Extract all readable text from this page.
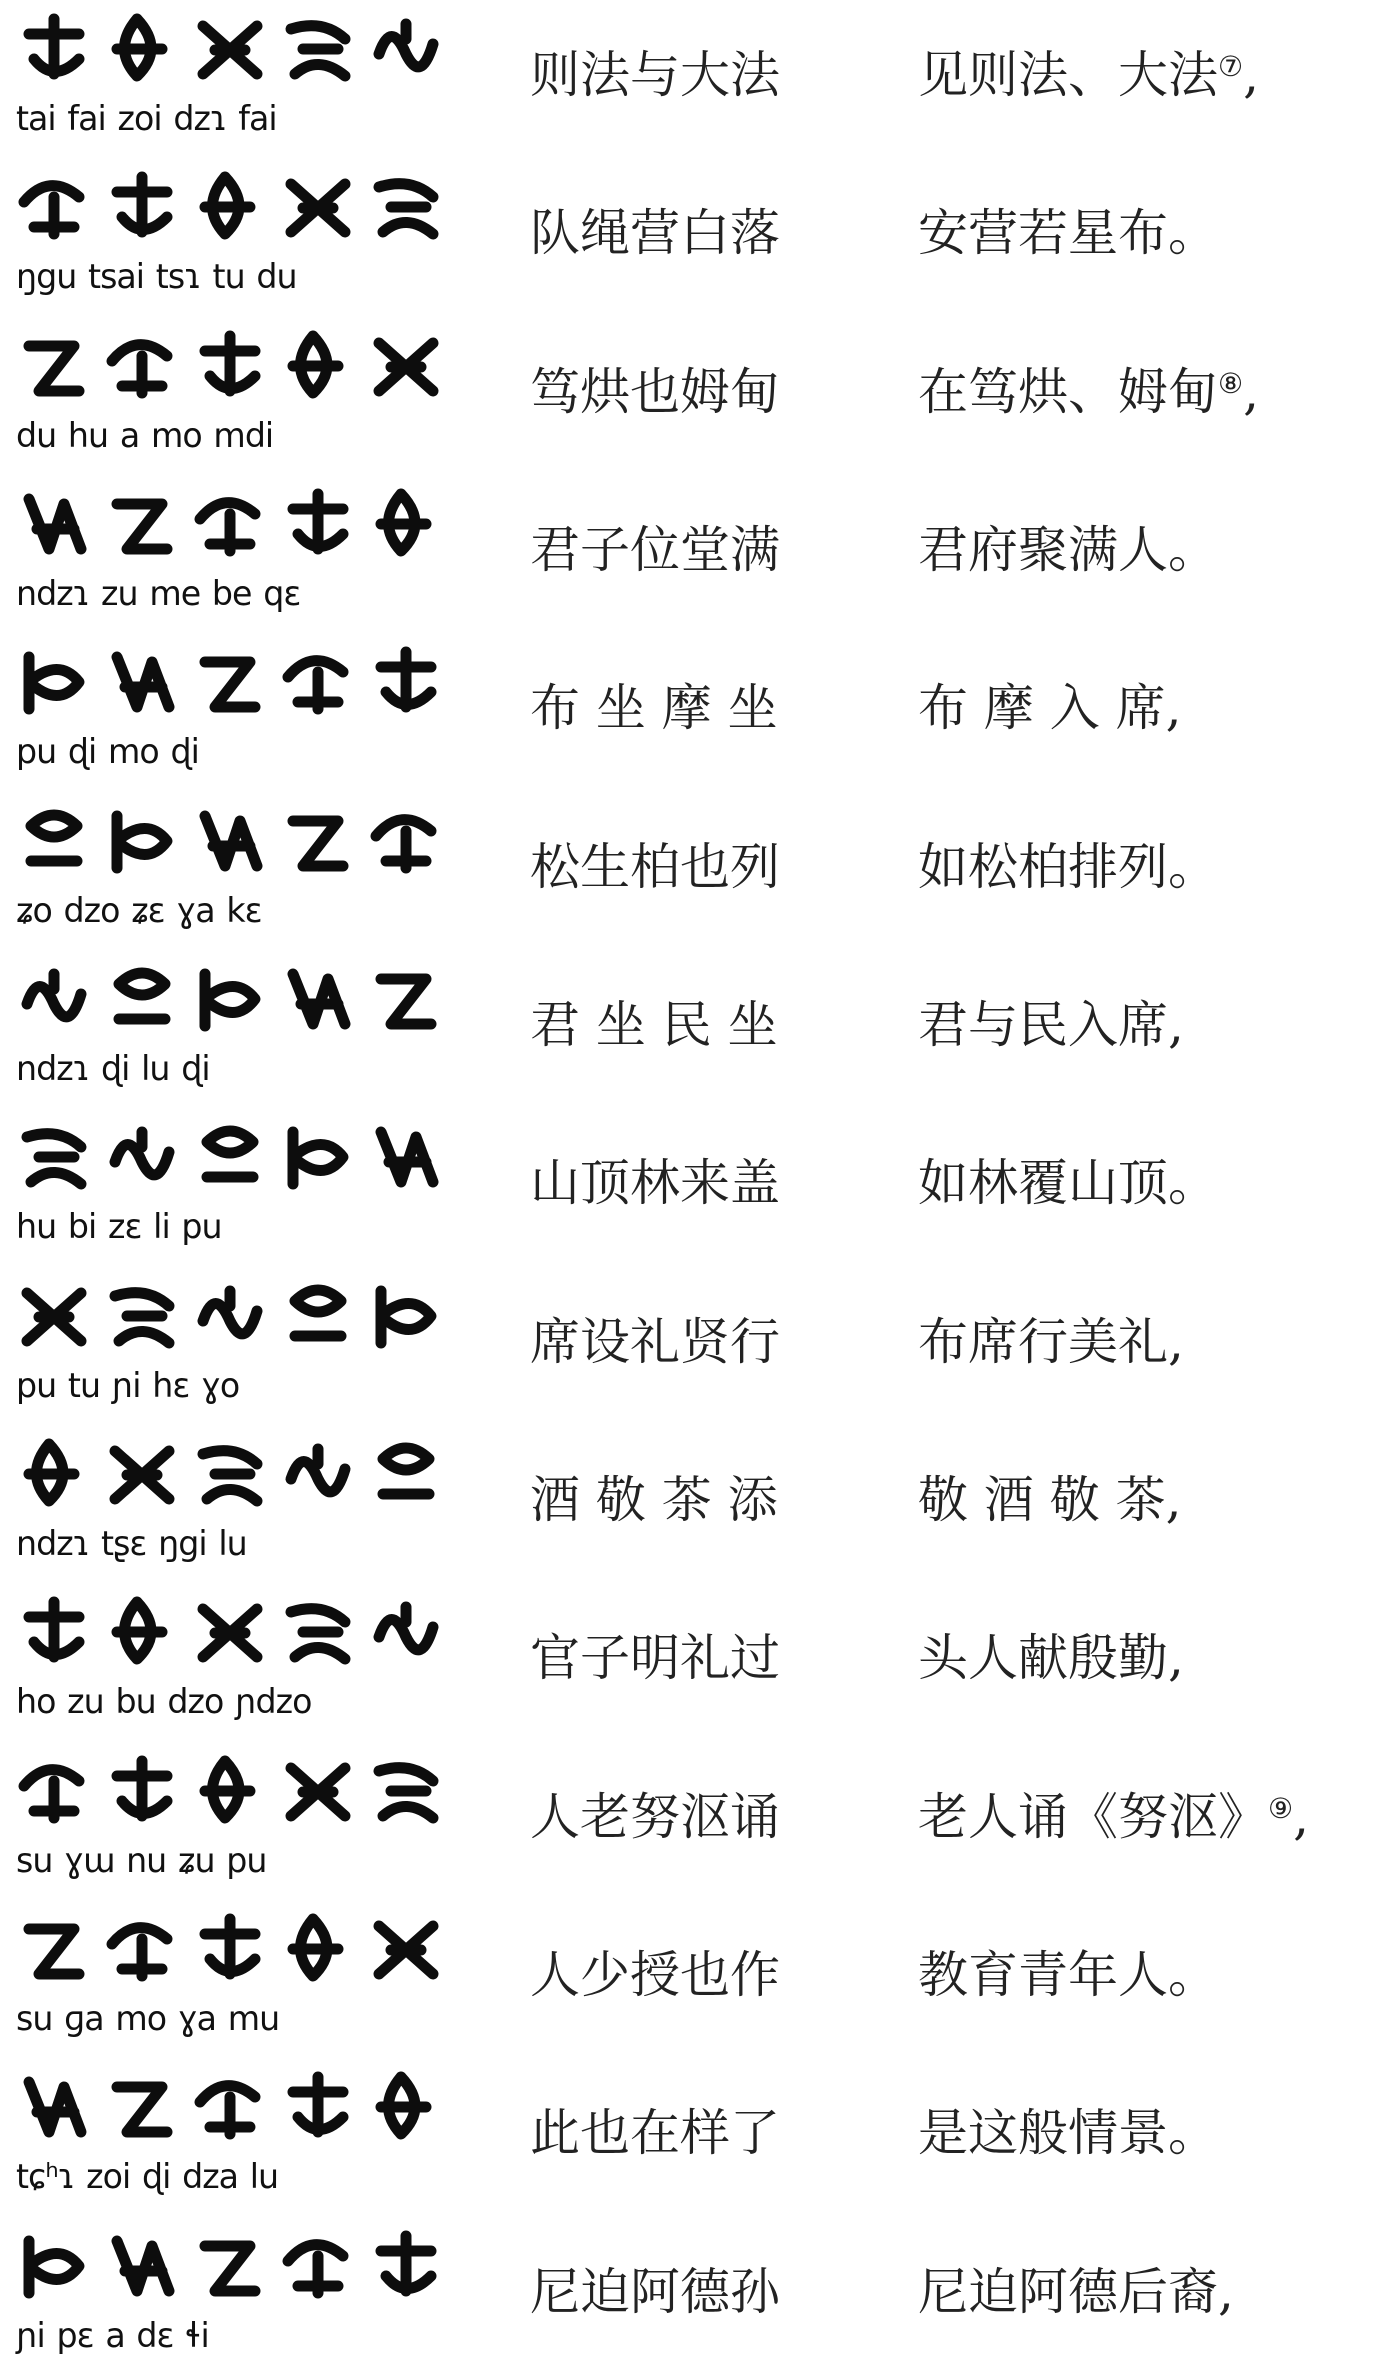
tai fai zoi dzɿ fai
则法与大法	见则法、大法⑦,
ŋgu tsai tsɿ tu du
队绳营白落	安营若星布。
du hu a mo mdi
笃烘也姆甸	在笃烘、姆甸⑧,
ndzɿ zu me be qɛ
君子位堂满	君府聚满人。
pu ɖi mo ɖi
布 坐 摩 坐	布 摩 入 席,
ʑo dzo ʑɛ ɣa kɛ
松生柏也列	如松柏排列。
ndzɿ ɖi lu ɖi
君 坐 民 坐	君与民入席,
hu bi zɛ li pu
山顶林来盖	如林覆山顶。
pu tu ɲi hɛ ɣo
席设礼贤行	布席行美礼,
ndzɿ tʂɛ ŋgi lu
酒 敬 茶 添	敬 酒 敬 茶,
ho zu bu dzo ɲdzo
官子明礼过	头人献殷勤,
su ɣɯ nu ʑu pu
人老努沤诵	老人诵《努沤》⑨,
su ɡa mo ɣa mu
人少授也作	教育青年人。
tɕʰɿ zoi ɖi dza lu
此也在样了	是这般情景。
ɲi pɛ a dɛ ɬi
尼迫阿德孙	尼迫阿德后裔,
